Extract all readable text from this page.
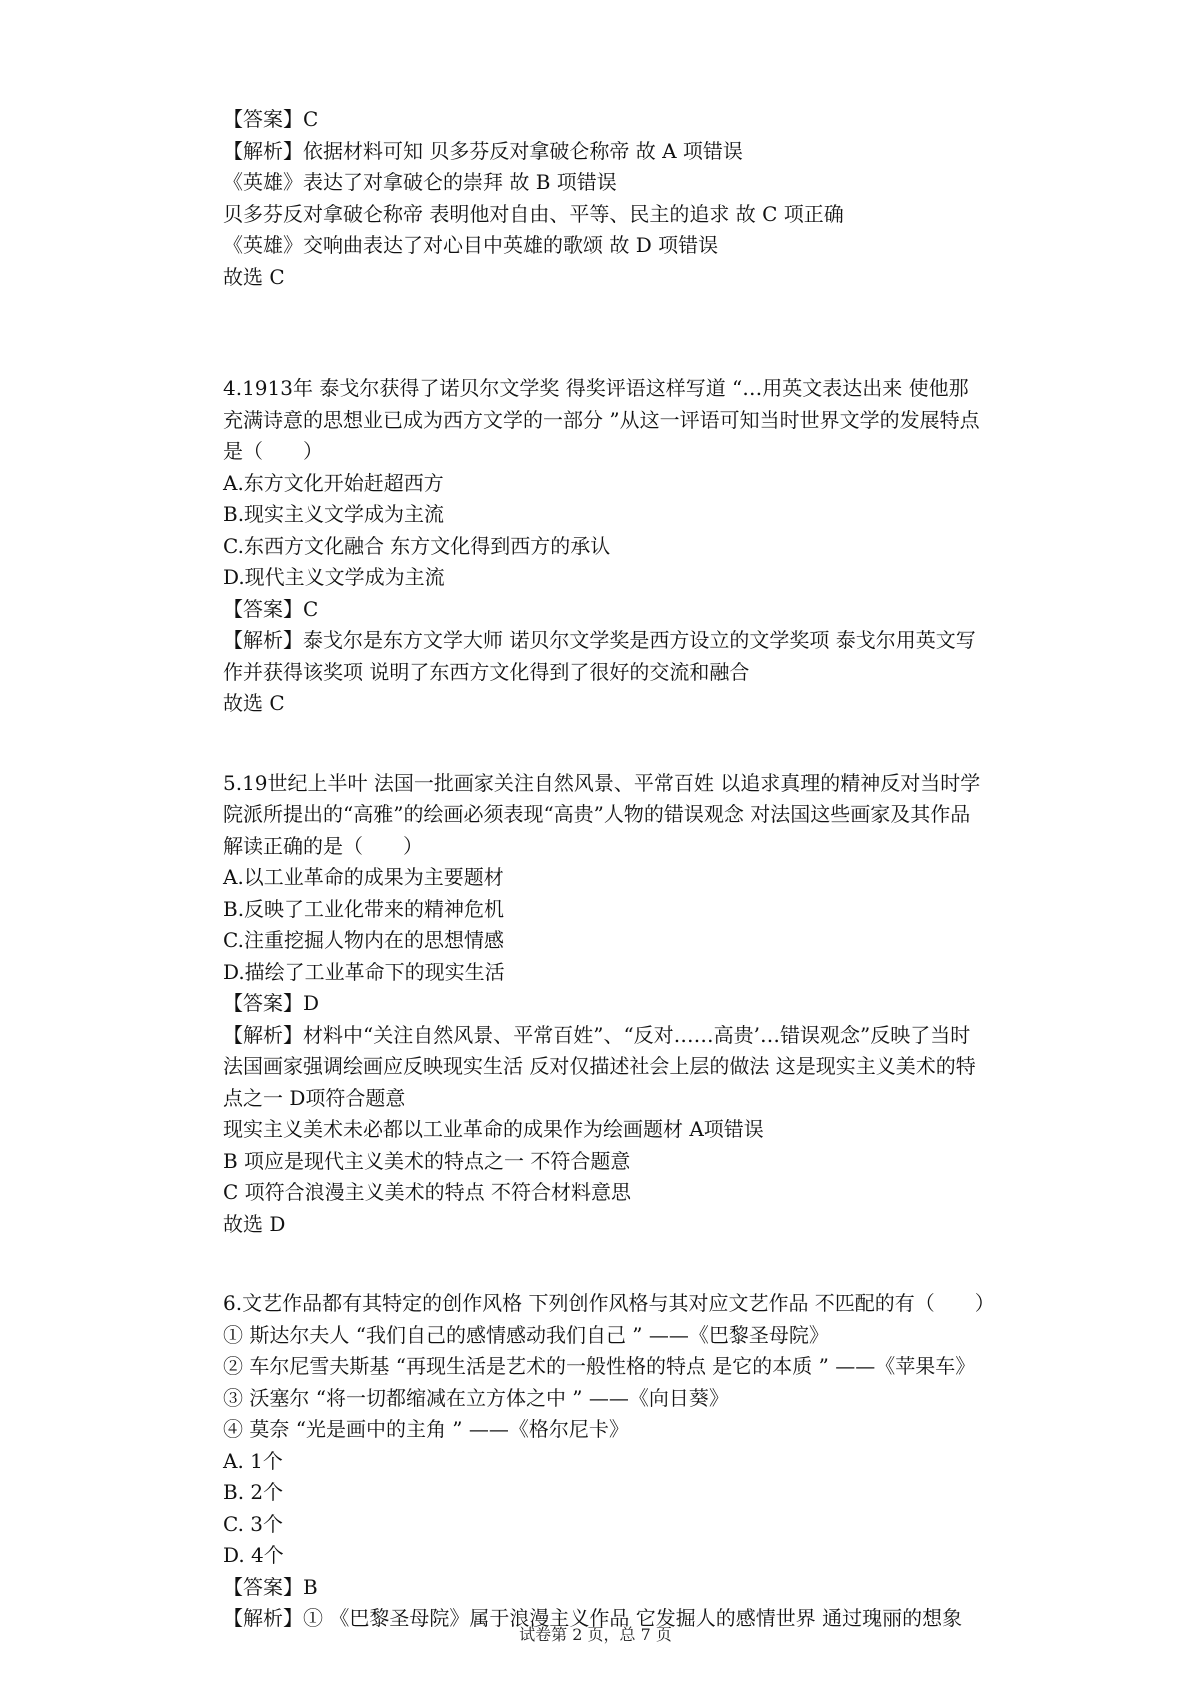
【答案】C
【解析】依据材料可知 贝多芬反对拿破仑称帝 故 A 项错误
《英雄》表达了对拿破仑的崇拜 故 B 项错误
贝多芬反对拿破仑称帝 表明他对自由、平等、民主的追求 故 C 项正确
《英雄》交响曲表达了对心目中英雄的歌颂 故 D 项错误
故选 C
4.1913年 泰戈尔获得了诺贝尔文学奖 得奖评语这样写道 “…用英文表达出来 使他那
充满诗意的思想业已成为西方文学的一部分 ”从这一评语可知当时世界文学的发展特点
是（　　）
A.东方文化开始赶超西方
B.现实主义文学成为主流
C.东西方文化融合 东方文化得到西方的承认
D.现代主义文学成为主流
【答案】C
【解析】泰戈尔是东方文学大师 诺贝尔文学奖是西方设立的文学奖项 泰戈尔用英文写
作并获得该奖项 说明了东西方文化得到了很好的交流和融合
故选 C
5.19世纪上半叶 法国一批画家关注自然风景、平常百姓 以追求真理的精神反对当时学
院派所提出的“高雅”的绘画必须表现“高贵”人物的错误观念 对法国这些画家及其作品
解读正确的是（　　）
A.以工业革命的成果为主要题材
B.反映了工业化带来的精神危机
C.注重挖掘人物内在的思想情感
D.描绘了工业革命下的现实生活
【答案】D
【解析】材料中“关注自然风景、平常百姓”、“反对……高贵’…错误观念”反映了当时
法国画家强调绘画应反映现实生活 反对仅描述社会上层的做法 这是现实主义美术的特
点之一 D项符合题意
现实主义美术未必都以工业革命的成果作为绘画题材 A项错误
B 项应是现代主义美术的特点之一 不符合题意
C 项符合浪漫主义美术的特点 不符合材料意思
故选 D
6.文艺作品都有其特定的创作风格 下列创作风格与其对应文艺作品 不匹配的有（　　）
① 斯达尔夫人 “我们自己的感情感动我们自己 ” ——《巴黎圣母院》
② 车尔尼雪夫斯基 “再现生活是艺术的一般性格的特点 是它的本质 ” ——《苹果车》
③ 沃塞尔 “将一切都缩减在立方体之中 ” ——《向日葵》
④ 莫奈 “光是画中的主角 ” ——《格尔尼卡》
A. 1个
B. 2个
C. 3个
D. 4个
【答案】B
【解析】① 《巴黎圣母院》属于浪漫主义作品 它发掘人的感情世界 通过瑰丽的想象
试卷第 2 页，总 7 页
